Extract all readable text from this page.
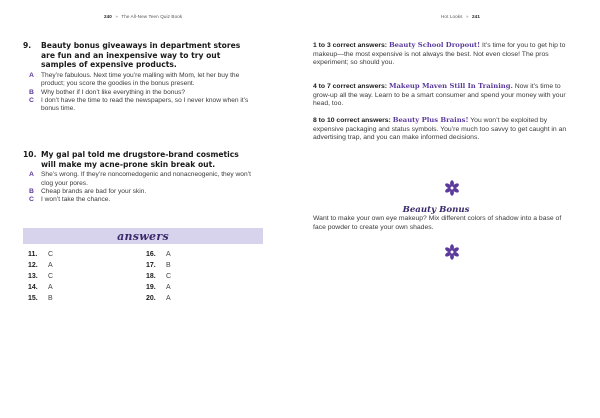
240 » The All-New Teen Quiz Book
9.	Beauty bonus giveaways in department stores are fun and an inexpensive way to try out samples of expensive products.
A	They’re fabulous. Next time you’re malling with Mom, let her buy the product; you score the goodies in the bonus present.
B	Why bother if I don’t like everything in the bonus?
C	I don’t have the time to read the newspapers, so I never know when it’s bonus time.
10. My gal pal told me drugstore-brand cosmetics will make my acne-prone skin break out.
A	She’s wrong. If they’re noncomedogenic and nonacneogenic, they won’t clog your pores.
B	Cheap brands are bad for your skin.
C	I won’t take the chance.
answers
11.	C
12.	A
13.	C
14.	A
15.	B
16.	A
17.	B
18.	C
19.	A
20.	A
Hot Looks » 241
1 to 3 correct answers: Beauty School Dropout! It’s time for you to get hip to makeup—the most expensive is not always the best. Not even close! The pros experiment; so should you.
4 to 7 correct answers: Makeup Maven Still In Training. Now it’s time to grow-up all the way. Learn to be a smart consumer and spend your money with your head, too.
8 to 10 correct answers: Beauty Plus Brains! You won’t be exploited by expensive packaging and status symbols. You’re much too savvy to get caught in an advertising trap, and you can make informed decisions.
Beauty Bonus
Want to make your own eye makeup? Mix different colors of shadow into a base of face powder to create your own shades.
